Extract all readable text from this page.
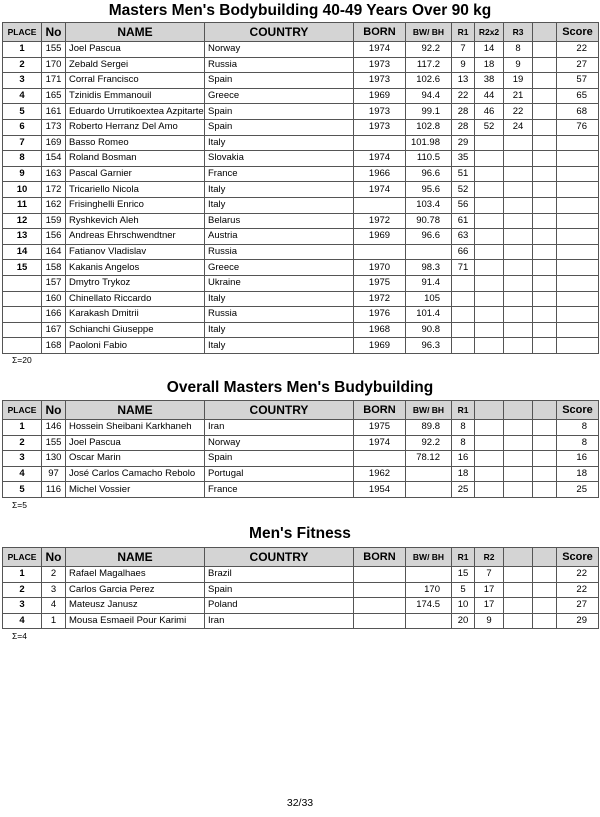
Masters Men's Bodybuilding 40-49 Years Over 90 kg
PLACE	No	NAME	COUNTRY	BORN	BW/ BH	R1	R2x2	R3		Score
1	155	Joel Pascua	Norway	1974	92.2	7	14	8		22
2	170	Zebald Sergei	Russia	1973	117.2	9	18	9		27
3	171	Corral Francisco	Spain	1973	102.6	13	38	19		57
4	165	Tzinidis Emmanouil	Greece	1969	94.4	22	44	21		65
5	161	Eduardo Urrutikoextea Azpitarte	Spain	1973	99.1	28	46	22		68
6	173	Roberto Herranz Del Amo	Spain	1973	102.8	28	52	24		76
7	169	Basso Romeo	Italy		101.98	29				
8	154	Roland Bosman	Slovakia	1974	110.5	35				
9	163	Pascal Garnier	France	1966	96.6	51				
10	172	Tricariello Nicola	Italy	1974	95.6	52				
11	162	Frisinghelli Enrico	Italy		103.4	56				
12	159	Ryshkevich Aleh	Belarus	1972	90.78	61				
13	156	Andreas Ehrschwendtner	Austria	1969	96.6	63				
14	164	Fatianov Vladislav	Russia			66				
15	158	Kakanis Angelos	Greece	1970	98.3	71				
	157	Dmytro Trykoz	Ukraine	1975	91.4					
	160	Chinellato Riccardo	Italy	1972	105					
	166	Karakash Dmitrii	Russia	1976	101.4					
	167	Schianchi Giuseppe	Italy	1968	90.8					
	168	Paoloni Fabio	Italy	1969	96.3					
Σ=20
Overall Masters Men's Budybuilding
PLACE	No	NAME	COUNTRY	BORN	BW/ BH	R1				Score
1	146	Hossein Sheibani Karkhaneh	Iran	1975	89.8	8				8
2	155	Joel Pascua	Norway	1974	92.2	8				8
3	130	Oscar Marin	Spain		78.12	16				16
4	97	José Carlos Camacho Rebolo	Portugal	1962		18				18
5	116	Michel Vossier	France	1954		25				25
Σ=5
Men's Fitness
PLACE	No	NAME	COUNTRY	BORN	BW/ BH	R1	R2			Score
1	2	Rafael Magalhaes	Brazil			15	7			22
2	3	Carlos Garcia Perez	Spain		170	5	17			22
3	4	Mateusz Janusz	Poland		174.5	10	17			27
4	1	Mousa Esmaeil Pour Karimi	Iran			20	9			29
Σ=4
32/33
